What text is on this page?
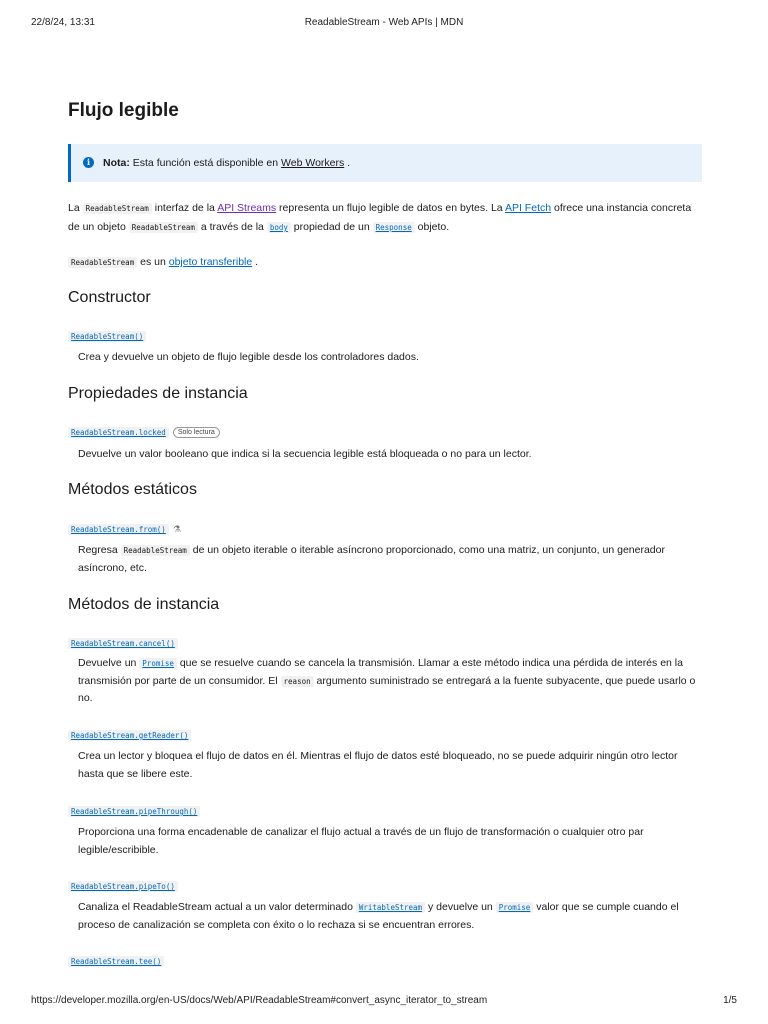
22/8/24, 13:31	ReadableStream - Web APIs | MDN
Flujo legible
i	Nota: Esta función está disponible en Web Workers .

La ReadableStream interfaz de la API Streams representa un flujo legible de datos en bytes. La API Fetch ofrece una instancia concreta de un objeto ReadableStream a través de la body propiedad de un Response objeto.

ReadableStream es un objeto transferible .

Constructor
ReadableStream()

Crea y devuelve un objeto de flujo legible desde los controladores dados.

Propiedades de instancia
ReadableStream.locked Solo lectura

Devuelve un valor booleano que indica si la secuencia legible está bloqueada o no para un lector.

Métodos estáticos
ReadableStream.from() ⚗

Regresa ReadableStream de un objeto iterable o iterable asíncrono proporcionado, como una matriz, un conjunto, un generador asíncrono, etc.

Métodos de instancia
ReadableStream.cancel()

Devuelve un Promise que se resuelve cuando se cancela la transmisión. Llamar a este método indica una pérdida de interés en la transmisión por parte de un consumidor. El reason argumento suministrado se entregará a la fuente subyacente, que puede usarlo o no.

ReadableStream.getReader()

Crea un lector y bloquea el flujo de datos en él. Mientras el flujo de datos esté bloqueado, no se puede adquirir ningún otro lector hasta que se libere este.

ReadableStream.pipeThrough()

Proporciona una forma encadenable de canalizar el flujo actual a través de un flujo de transformación o cualquier otro par legible/escribible.

ReadableStream.pipeTo()

Canaliza el ReadableStream actual a un valor determinado WritableStream y devuelve un Promise valor que se cumple cuando el proceso de canalización se completa con éxito o lo rechaza si se encuentran errores.

ReadableStream.tee()
https://developer.mozilla.org/en-US/docs/Web/API/ReadableStream#convert_async_iterator_to_stream	1/5
